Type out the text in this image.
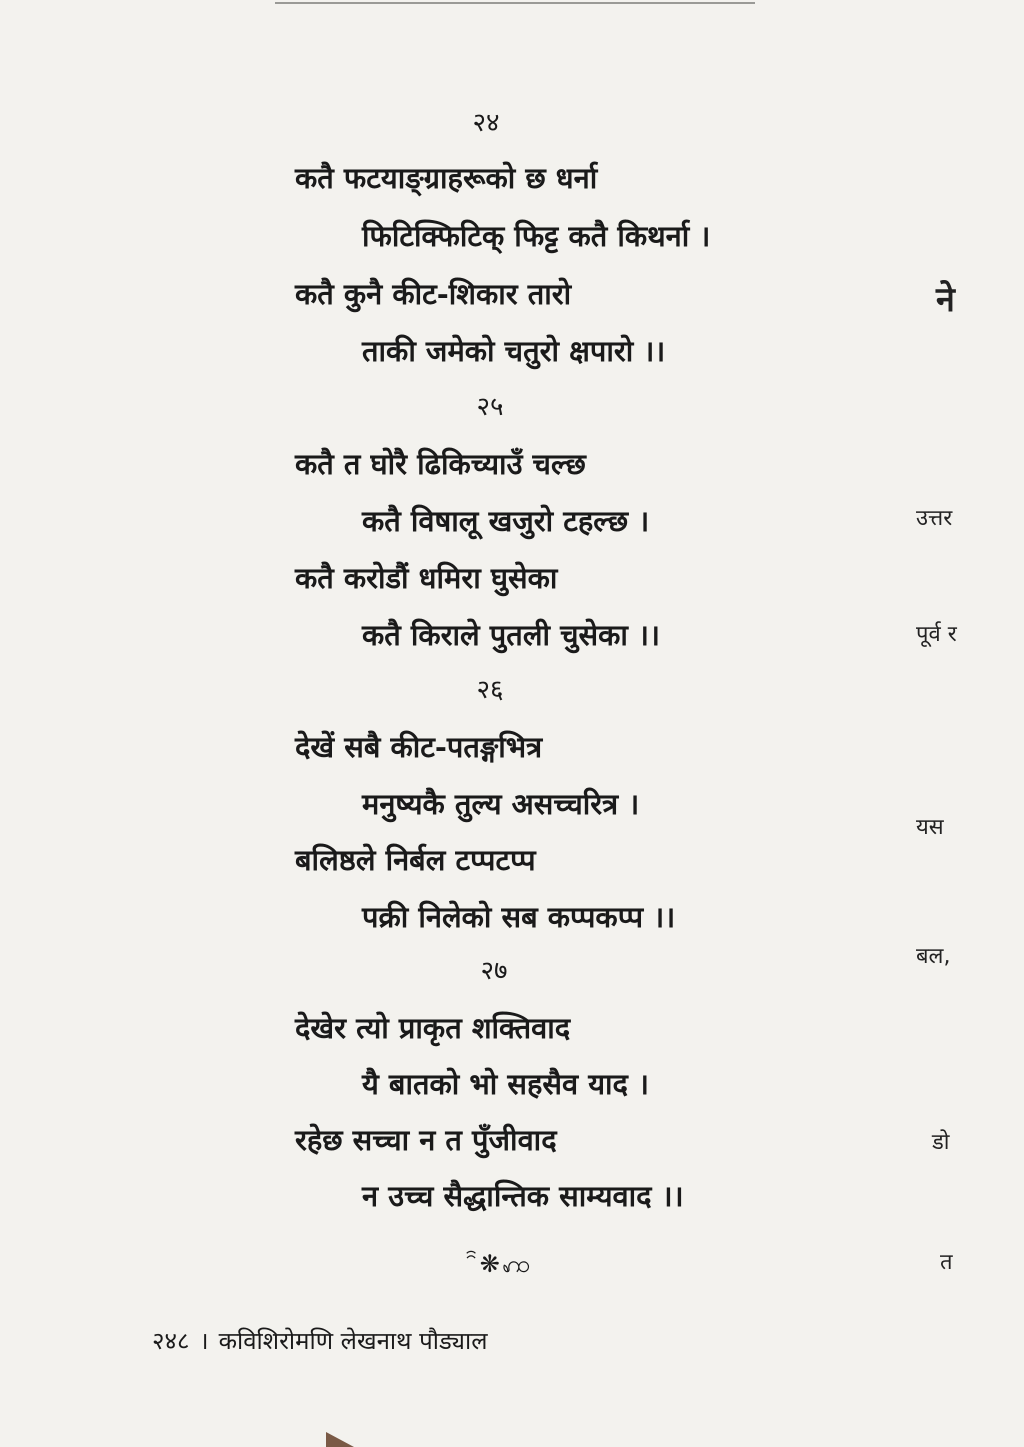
२४
कतै फटयाङ्ग्राहरूको छ धर्ना
फिटिक्फिटिक् फिट्ट कतै किथर्ना ।
कतै कुनै कीट-शिकार तारो
ताकी जमेको चतुरो क्षपारो ।।
२५
कतै त घोरै ढिकिच्याउँ चल्छ
कतै विषालू खजुरो टहल्छ ।
कतै करोडौं धमिरा घुसेका
कतै किराले पुतली चुसेका ।।
२६
देखें सबै कीट-पतङ्गभित्र
मनुष्यकै तुल्य असच्चरित्र ।
बलिष्ठले निर्बल टप्पटप्प
पक्री निलेको सब कप्पकप्प ।।
२७
देखेर त्यो प्राकृत शक्तिवाद
यै बातको भो सहसैव याद ।
रहेछ सच्चा न त पुँजीवाद
न उच्च सैद्धान्तिक साम्यवाद ।।
ꩰ❋ꩲ
२४८ । कविशिरोमणि लेखनाथ पौड्याल
ने
उत्तर
पूर्व र
यस
बल,
डो
त
